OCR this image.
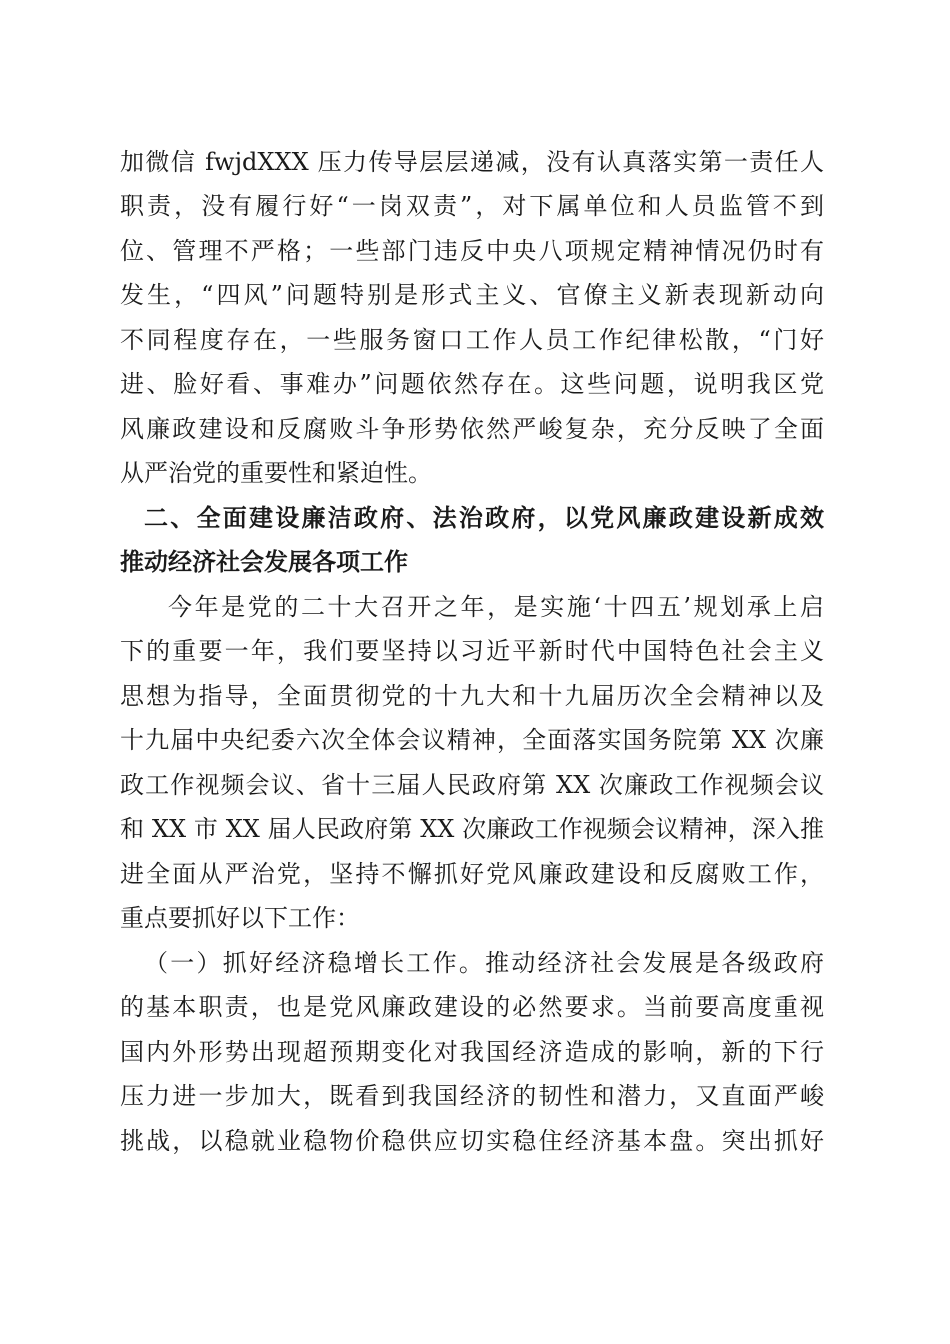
加微信 fwjdXXX 压力传导层层递减，没有认真落实第一责任人
职责，没有履行好“一岗双责”，对下属单位和人员监管不到
位、管理不严格；一些部门违反中央八项规定精神情况仍时有
发生，“四风”问题特别是形式主义、官僚主义新表现新动向
不同程度存在，一些服务窗口工作人员工作纪律松散，“门好
进、脸好看、事难办”问题依然存在。这些问题，说明我区党
风廉政建设和反腐败斗争形势依然严峻复杂，充分反映了全面
从严治党的重要性和紧迫性。
二、全面建设廉洁政府、法治政府，以党风廉政建设新成效
推动经济社会发展各项工作
今年是党的二十大召开之年，是实施‘十四五’规划承上启
下的重要一年，我们要坚持以习近平新时代中国特色社会主义
思想为指导，全面贯彻党的十九大和十九届历次全会精神以及
十九届中央纪委六次全体会议精神，全面落实国务院第 XX 次廉
政工作视频会议、省十三届人民政府第 XX 次廉政工作视频会议
和 XX 市 XX 届人民政府第 XX 次廉政工作视频会议精神，深入推
进全面从严治党，坚持不懈抓好党风廉政建设和反腐败工作，
重点要抓好以下工作：
（一）抓好经济稳增长工作。推动经济社会发展是各级政府
的基本职责，也是党风廉政建设的必然要求。当前要高度重视
国内外形势出现超预期变化对我国经济造成的影响，新的下行
压力进一步加大，既看到我国经济的韧性和潜力，又直面严峻
挑战，以稳就业稳物价稳供应切实稳住经济基本盘。突出抓好
